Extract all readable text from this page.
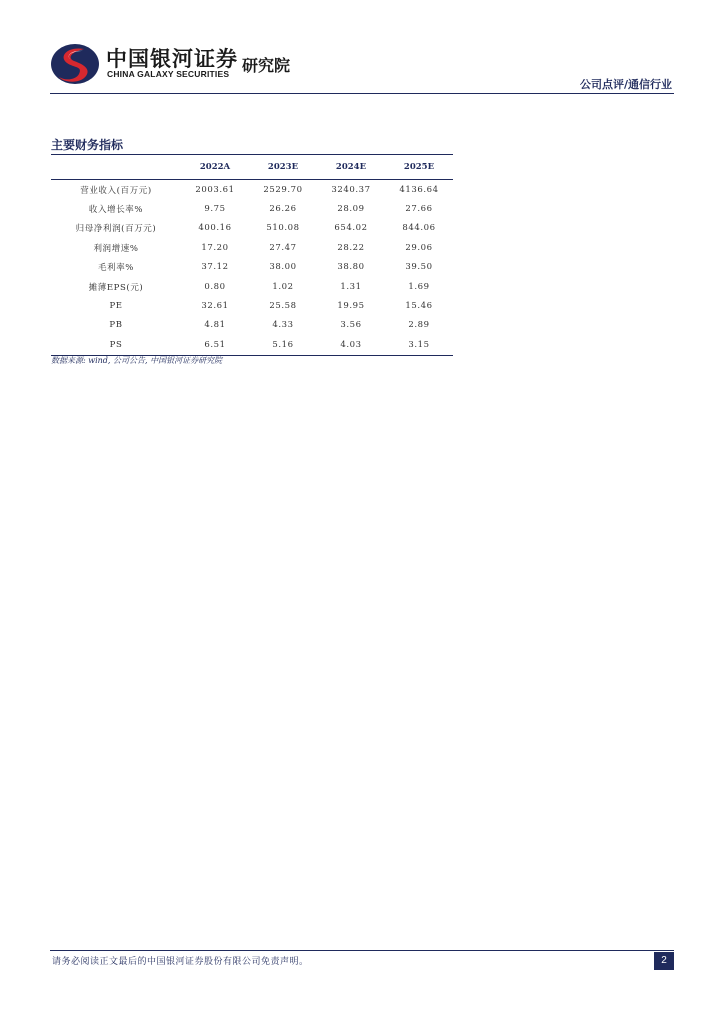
中国银河证券
CHINA GALAXY SECURITIES 研究院
公司点评/通信行业
主要财务指标
	2022A	2023E	2024E	2025E
营业收入(百万元)	2003.61	2529.70	3240.37	4136.64
收入增长率%	9.75	26.26	28.09	27.66
归母净利润(百万元)	400.16	510.08	654.02	844.06
利润增速%	17.20	27.47	28.22	29.06
毛利率%	37.12	38.00	38.80	39.50
摊薄EPS(元)	0.80	1.02	1.31	1.69
PE	32.61	25.58	19.95	15.46
PB	4.81	4.33	3.56	2.89
PS	6.51	5.16	4.03	3.15
数据来源: wind, 公司公告, 中国银河证券研究院
请务必阅读正文最后的中国银河证券股份有限公司免责声明。	2
